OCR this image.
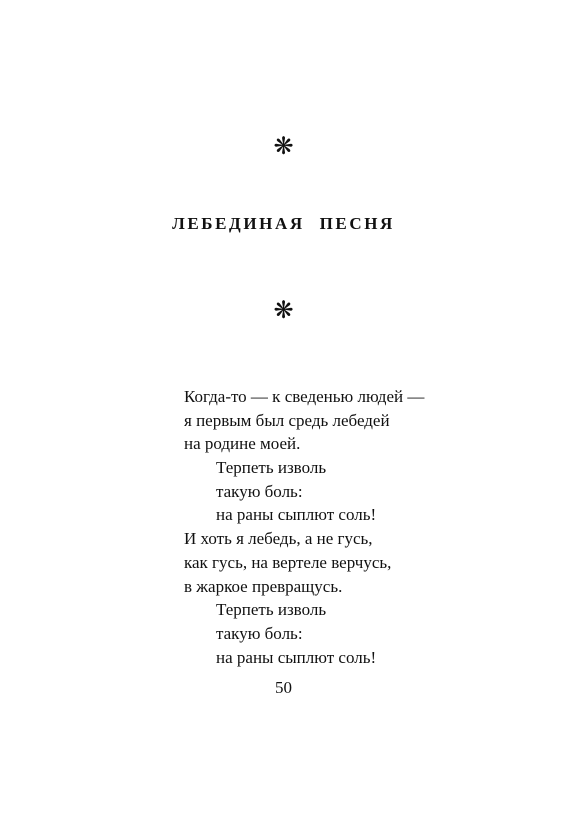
❋
ЛЕБЕДИНАЯ ПЕСНЯ
❋
Когда-то — к сведенью людей —
я первым был средь лебедей
на родине моей.
Терпеть изволь
такую боль:
на раны сыплют соль!
И хоть я лебедь, а не гусь,
как гусь, на вертеле верчусь,
в жаркое превращусь.
Терпеть изволь
такую боль:
на раны сыплют соль!
50
